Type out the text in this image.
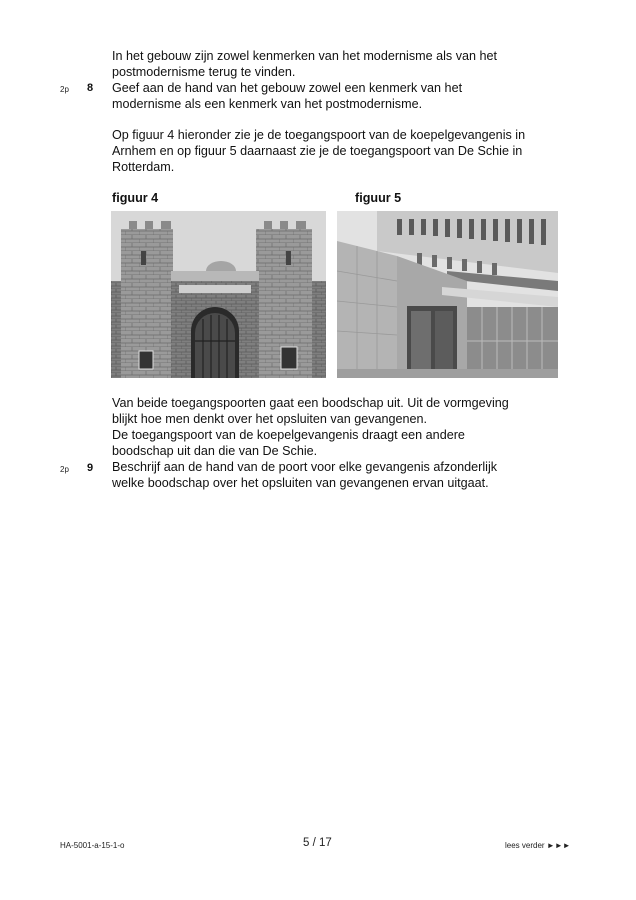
In het gebouw zijn zowel kenmerken van het modernisme als van het
postmodernisme terug te vinden.
2p 8 Geef aan de hand van het gebouw zowel een kenmerk van het
modernisme als een kenmerk van het postmodernisme.
Op figuur 4 hieronder zie je de toegangspoort van de koepelgevangenis in
Arnhem en op figuur 5 daarnaast zie je de toegangspoort van De Schie in
Rotterdam.
figuur 4	figuur 5
Van beide toegangspoorten gaat een boodschap uit. Uit de vormgeving
blijkt hoe men denkt over het opsluiten van gevangenen.
De toegangspoort van de koepelgevangenis draagt een andere
boodschap uit dan die van De Schie.
2p 9 Beschrijf aan de hand van de poort voor elke gevangenis afzonderlijk
welke boodschap over het opsluiten van gevangenen ervan uitgaat.
HA-5001-a-15-1-o	5 / 17	lees verder ►►►
